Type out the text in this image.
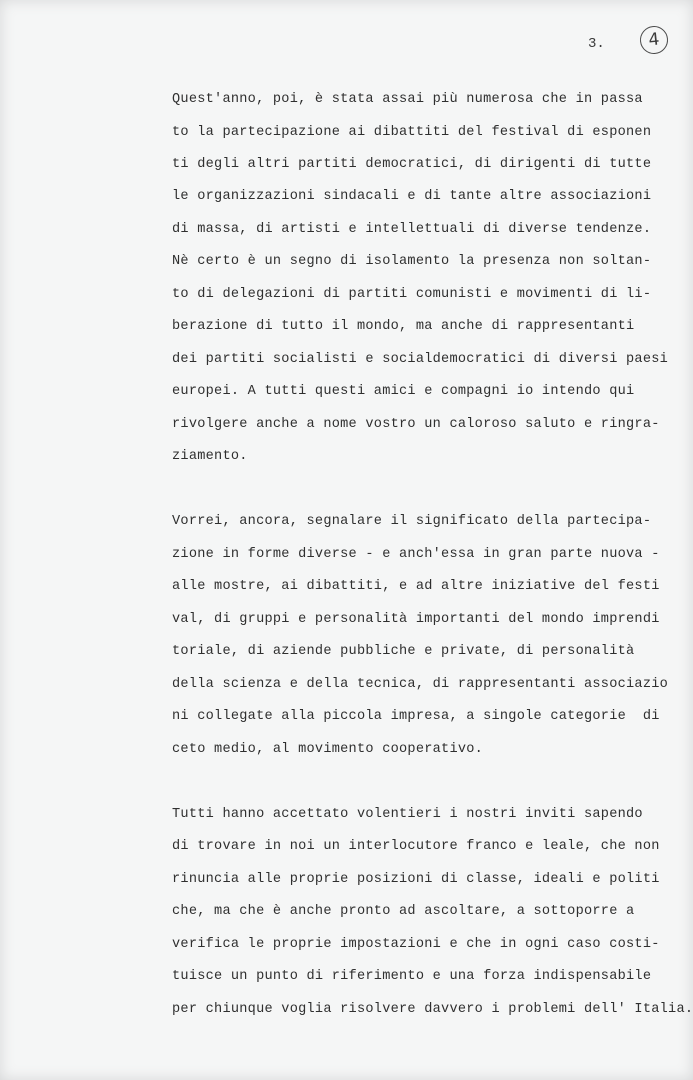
3.	4
Quest'anno, poi, è stata assai più numerosa che in passa
to la partecipazione ai dibattiti del festival di esponen
ti degli altri partiti democratici, di dirigenti di tutte
le organizzazioni sindacali e di tante altre associazioni
di massa, di artisti e intellettuali di diverse tendenze.
Nè certo è un segno di isolamento la presenza non soltan-
to di delegazioni di partiti comunisti e movimenti di li-
berazione di tutto il mondo, ma anche di rappresentanti
dei partiti socialisti e socialdemocratici di diversi paesi
europei. A tutti questi amici e compagni io intendo qui
rivolgere anche a nome vostro un caloroso saluto e ringra-
ziamento.
Vorrei, ancora, segnalare il significato della partecipa-
zione in forme diverse - e anch'essa in gran parte nuova -
alle mostre, ai dibattiti, e ad altre iniziative del festi
val, di gruppi e personalità importanti del mondo imprendi
toriale, di aziende pubbliche e private, di personalità
della scienza e della tecnica, di rappresentanti associazio
ni collegate alla piccola impresa, a singole categorie  di
ceto medio, al movimento cooperativo.
Tutti hanno accettato volentieri i nostri inviti sapendo
di trovare in noi un interlocutore franco e leale, che non
rinuncia alle proprie posizioni di classe, ideali e politi
che, ma che è anche pronto ad ascoltare, a sottoporre a
verifica le proprie impostazioni e che in ogni caso costi-
tuisce un punto di riferimento e una forza indispensabile
per chiunque voglia risolvere davvero i problemi dell' Italia.
